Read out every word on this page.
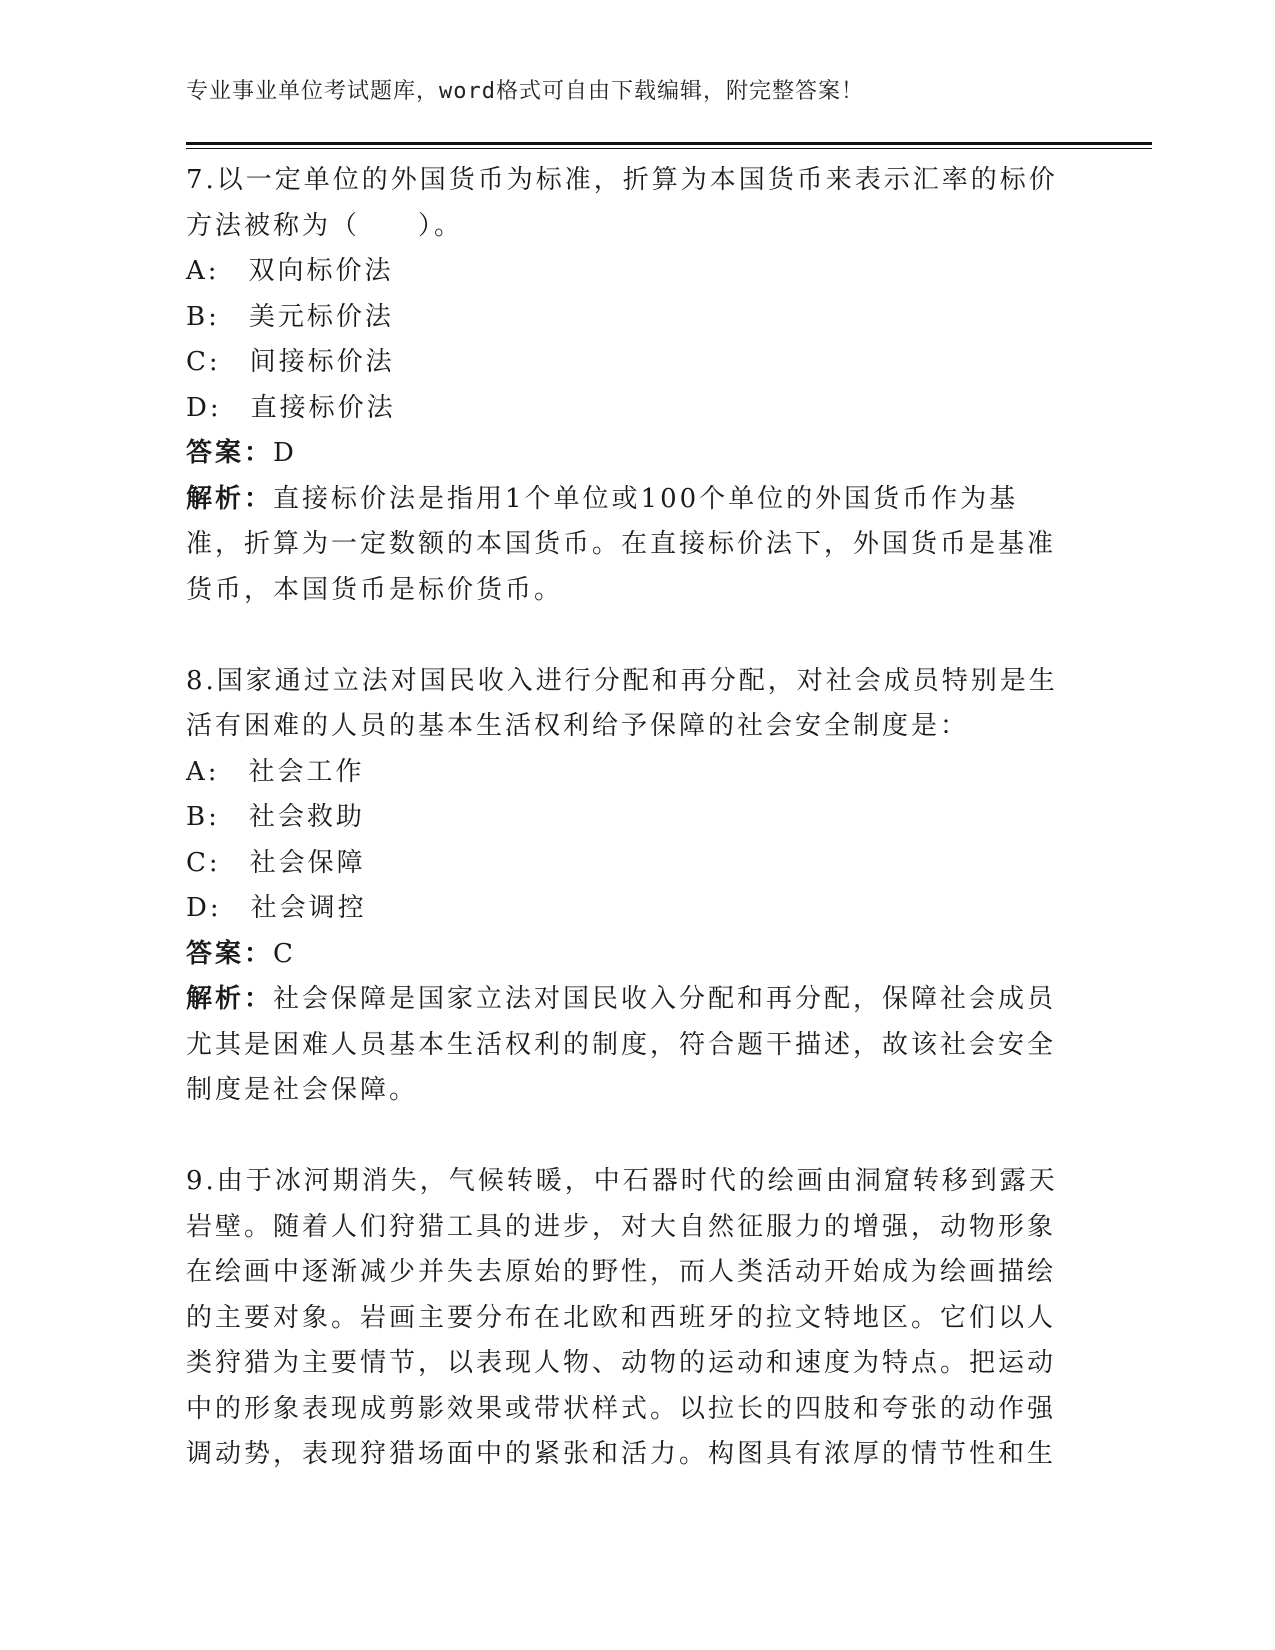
专业事业单位考试题库，word格式可自由下载编辑，附完整答案！

7.以一定单位的外国货币为标准，折算为本国货币来表示汇率的标价方法被称为（　　）。

A:　双向标价法

B:　美元标价法

C:　间接标价法

D:　直接标价法

答案：D

解析：直接标价法是指用1个单位或100个单位的外国货币作为基准，折算为一定数额的本国货币。在直接标价法下，外国货币是基准货币，本国货币是标价货币。

8.国家通过立法对国民收入进行分配和再分配，对社会成员特别是生活有困难的人员的基本生活权利给予保障的社会安全制度是：

A:　社会工作

B:　社会救助

C:　社会保障

D:　社会调控

答案：C

解析：社会保障是国家立法对国民收入分配和再分配，保障社会成员尤其是困难人员基本生活权利的制度，符合题干描述，故该社会安全制度是社会保障。

9.由于冰河期消失，气候转暖，中石器时代的绘画由洞窟转移到露天岩壁。随着人们狩猎工具的进步，对大自然征服力的增强，动物形象在绘画中逐渐减少并失去原始的野性，而人类活动开始成为绘画描绘的主要对象。岩画主要分布在北欧和西班牙的拉文特地区。它们以人类狩猎为主要情节，以表现人物、动物的运动和速度为特点。把运动中的形象表现成剪影效果或带状样式。以拉长的四肢和夸张的动作强调动势，表现狩猎场面中的紧张和活力。构图具有浓厚的情节性和生
